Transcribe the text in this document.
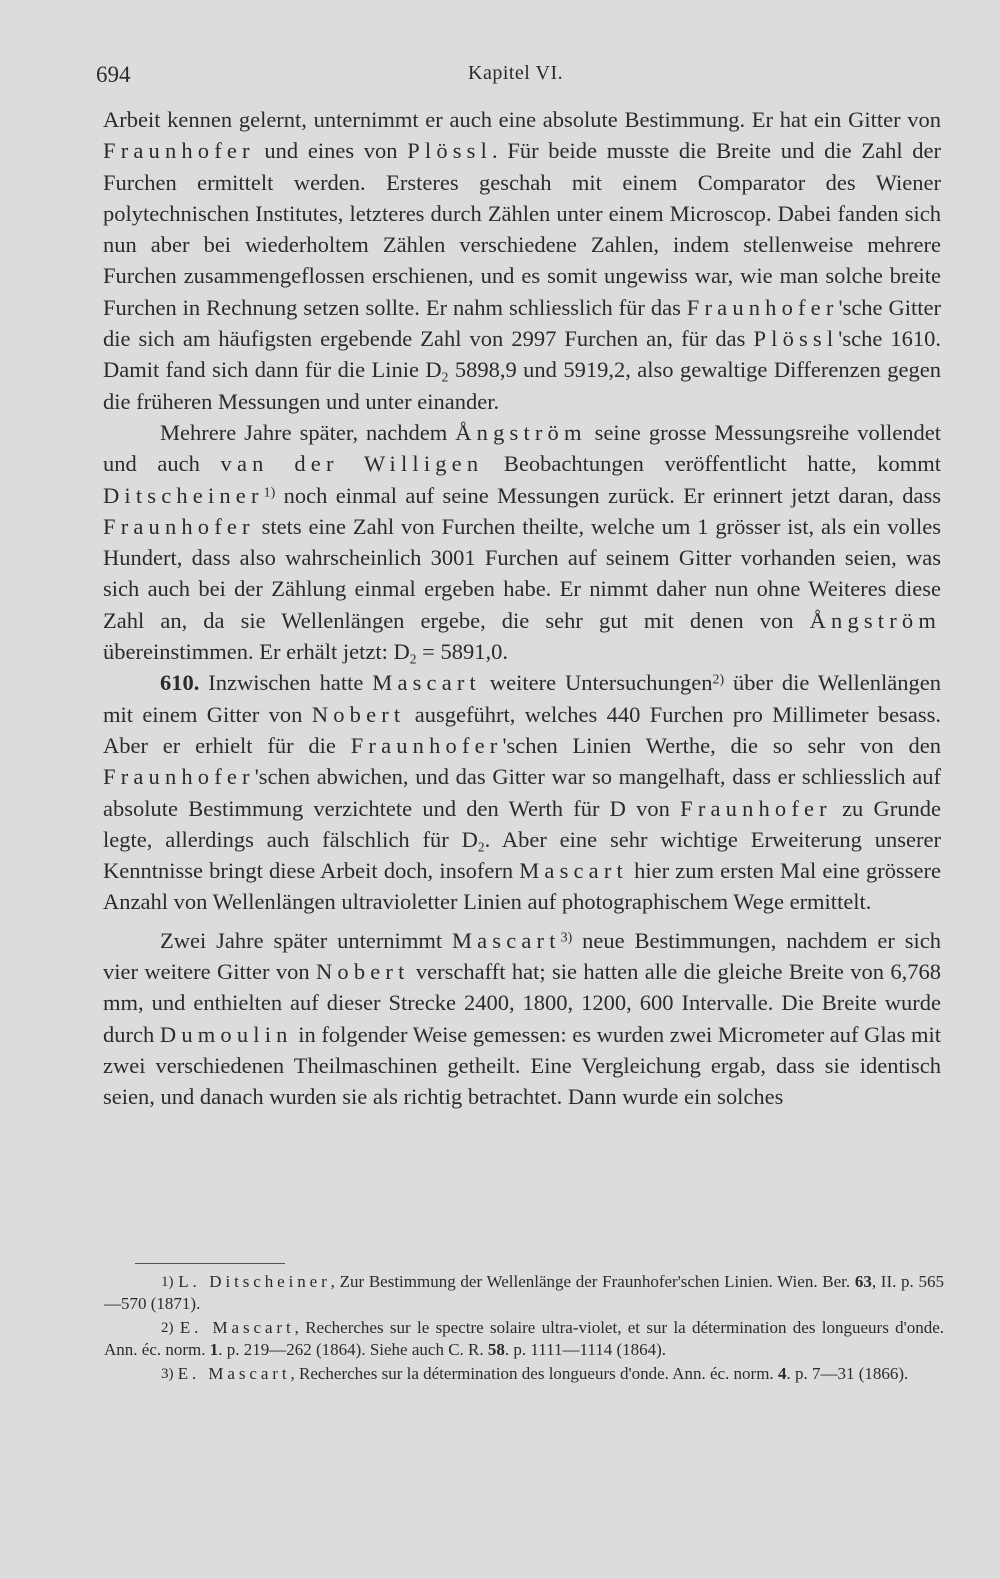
694	Kapitel VI.

Arbeit kennen gelernt, unternimmt er auch eine absolute Bestimmung. Er hat ein Gitter von Fraunhofer und eines von Plössl. Für beide musste die Breite und die Zahl der Furchen ermittelt werden. Ersteres geschah mit einem Comparator des Wiener polytechnischen Institutes, letzteres durch Zählen unter einem Microscop. Dabei fanden sich nun aber bei wiederholtem Zählen verschiedene Zahlen, indem stellenweise mehrere Furchen zusammengeflossen erschienen, und es somit ungewiss war, wie man solche breite Furchen in Rechnung setzen sollte. Er nahm schliesslich für das Fraunhofer'sche Gitter die sich am häufigsten ergebende Zahl von 2997 Furchen an, für das Plössl'sche 1610. Damit fand sich dann für die Linie $D_2$ 5898,9 und 5919,2, also gewaltige Differenzen gegen die früheren Messungen und unter einander.

Mehrere Jahre später, nachdem Ångström seine grosse Messungsreihe vollendet und auch van der Willigen Beobachtungen veröffentlicht hatte, kommt Ditscheiner$^{1)}$ noch einmal auf seine Messungen zurück. Er erinnert jetzt daran, dass Fraunhofer stets eine Zahl von Furchen theilte, welche um 1 grösser ist, als ein volles Hundert, dass also wahrscheinlich 3001 Furchen auf seinem Gitter vorhanden seien, was sich auch bei der Zählung einmal ergeben habe. Er nimmt daher nun ohne Weiteres diese Zahl an, da sie Wellenlängen ergebe, die sehr gut mit denen von Ångström übereinstimmen. Er erhält jetzt: $D_2 = 5891,0$.

610. Inzwischen hatte Mascart weitere Untersuchungen$^{2)}$ über die Wellenlängen mit einem Gitter von Nobert ausgeführt, welches 440 Furchen pro Millimeter besass. Aber er erhielt für die Fraunhofer'schen Linien Werthe, die so sehr von den Fraunhofer'schen abwichen, und das Gitter war so mangelhaft, dass er schliesslich auf absolute Bestimmung verzichtete und den Werth für D von Fraunhofer zu Grunde legte, allerdings auch fälschlich für $D_2$. Aber eine sehr wichtige Erweiterung unserer Kenntnisse bringt diese Arbeit doch, insofern Mascart hier zum ersten Mal eine grössere Anzahl von Wellenlängen ultravioletter Linien auf photographischem Wege ermittelt.

Zwei Jahre später unternimmt Mascart$^{3)}$ neue Bestimmungen, nachdem er sich vier weitere Gitter von Nobert verschafft hat; sie hatten alle die gleiche Breite von 6,768 mm, und enthielten auf dieser Strecke 2400, 1800, 1200, 600 Intervalle. Die Breite wurde durch Dumoulin in folgender Weise gemessen: es wurden zwei Micrometer auf Glas mit zwei verschiedenen Theilmaschinen getheilt. Eine Vergleichung ergab, dass sie identisch seien, und danach wurden sie als richtig betrachtet. Dann wurde ein solches

1) L. Ditscheiner, Zur Bestimmung der Wellenlänge der Fraunhofer'schen Linien. Wien. Ber. 63, II. p. 565—570 (1871).

2) E. Mascart, Recherches sur le spectre solaire ultra-violet, et sur la détermination des longueurs d'onde. Ann. éc. norm. 1. p. 219—262 (1864). Siehe auch C. R. 58. p. 1111—1114 (1864).

3) E. Mascart, Recherches sur la détermination des longueurs d'onde. Ann. éc. norm. 4. p. 7—31 (1866).
